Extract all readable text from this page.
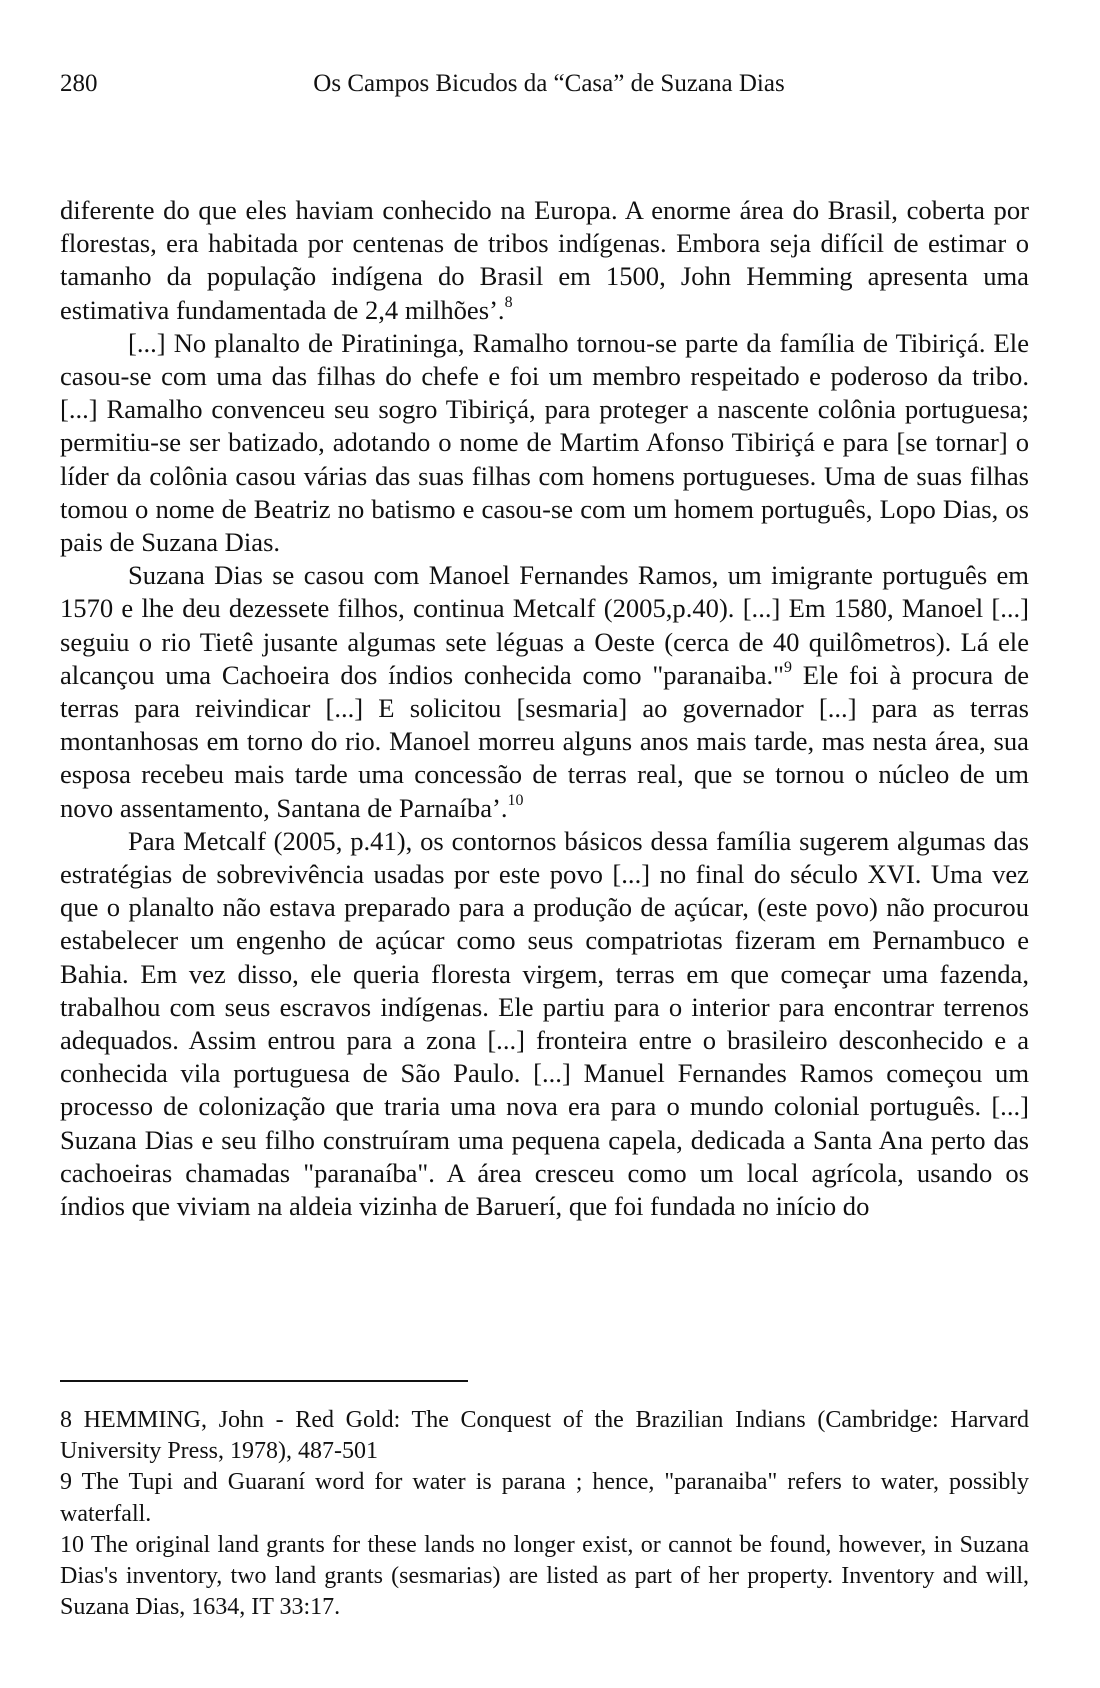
280	Os Campos Bicudos da “Casa” de Suzana Dias

diferente do que eles haviam conhecido na Europa. A enorme área do Brasil, coberta por florestas, era habitada por centenas de tribos indígenas. Embora seja difícil de estimar o tamanho da população indígena do Brasil em 1500, John Hemming apresenta uma estimativa fundamentada de 2,4 milhões’.$^8$

[...] No planalto de Piratininga, Ramalho tornou-se parte da família de Tibiriçá. Ele casou-se com uma das filhas do chefe e foi um membro respeitado e poderoso da tribo. [...] Ramalho convenceu seu sogro Tibiriçá, para proteger a nascente colônia portuguesa; permitiu-se ser batizado, adotando o nome de Martim Afonso Tibiriçá e para [se tornar] o líder da colônia casou várias das suas filhas com homens portugueses. Uma de suas filhas tomou o nome de Beatriz no batismo e casou-se com um homem português, Lopo Dias, os pais de Suzana Dias.

Suzana Dias se casou com Manoel Fernandes Ramos, um imigrante português em 1570 e lhe deu dezessete filhos, continua Metcalf (2005,p.40). [...] Em 1580, Manoel [...] seguiu o rio Tietê jusante algumas sete léguas a Oeste (cerca de 40 quilômetros). Lá ele alcançou uma Cachoeira dos índios conhecida como "paranaiba."$^9$ Ele foi à procura de terras para reivindicar [...] E solicitou [sesmaria] ao governador [...] para as terras montanhosas em torno do rio. Manoel morreu alguns anos mais tarde, mas nesta área, sua esposa recebeu mais tarde uma concessão de terras real, que se tornou o núcleo de um novo assentamento, Santana de Parnaíba’.$^{10}$

Para Metcalf (2005, p.41), os contornos básicos dessa família sugerem algumas das estratégias de sobrevivência usadas por este povo [...] no final do século XVI. Uma vez que o planalto não estava preparado para a produção de açúcar, (este povo) não procurou estabelecer um engenho de açúcar como seus compatriotas fizeram em Pernambuco e Bahia. Em vez disso, ele queria floresta virgem, terras em que começar uma fazenda, trabalhou com seus escravos indígenas. Ele partiu para o interior para encontrar terrenos adequados. Assim entrou para a zona [...] fronteira entre o brasileiro desconhecido e a conhecida vila portuguesa de São Paulo. [...] Manuel Fernandes Ramos começou um processo de colonização que traria uma nova era para o mundo colonial português. [...] Suzana Dias e seu filho construíram uma pequena capela, dedicada a Santa Ana perto das cachoeiras chamadas "paranaíba". A área cresceu como um local agrícola, usando os índios que viviam na aldeia vizinha de Baruerí, que foi fundada no início do

8 HEMMING, John - Red Gold: The Conquest of the Brazilian Indians (Cambridge: Harvard University Press, 1978), 487-501

9 The Tupi and Guaraní word for water is parana ; hence, "paranaiba" refers to water, possibly waterfall.

10 The original land grants for these lands no longer exist, or cannot be found, however, in Suzana Dias's inventory, two land grants (sesmarias) are listed as part of her property. Inventory and will, Suzana Dias, 1634, IT 33:17.
